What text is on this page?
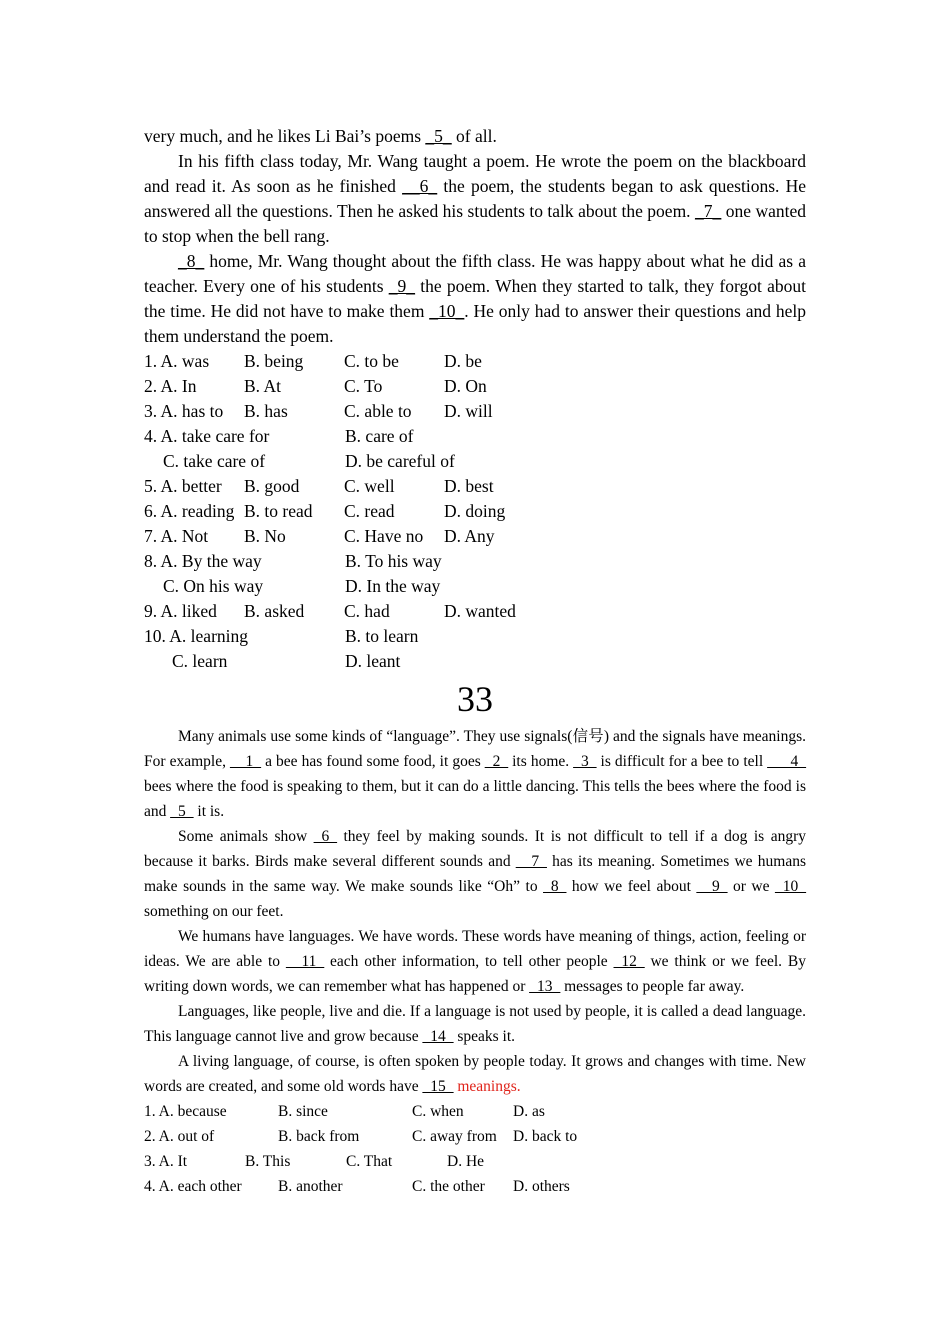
very much, and he likes Li Bai’s poems _5_ of all.

In his fifth class today, Mr. Wang taught a poem. He wrote the poem on the blackboard and read it. As soon as he finished __6_ the poem, the students began to ask questions. He answered all the questions. Then he asked his students to talk about the poem. _7_ one wanted to stop when the bell rang.

_8_ home, Mr. Wang thought about the fifth class. He was happy about what he did as a teacher. Every one of his students _9_ the poem. When they started to talk, they forgot about the time. He did not have to make them _10_. He only had to answer their questions and help them understand the poem.

1. A. was	B. being	C. to be	D. be
2. A. In	B. At	C. To	D. On
3. A. has to	B. has	C. able to	D. will
4. A. take care for	B. care of
C. take care of	D. be careful of
5. A. better	B. good	C. well	D. best
6. A. reading B. to read	C. read	D. doing
7. A. Not	B. No	C. Have no	D. Any
8. A. By the way	B. To his way
C. On his way	D. In the way
9. A. liked	B. asked	C. had	D. wanted
10. A. learning	B. to learn
C. learn	D. leant
33

Many animals use some kinds of “language”. They use signals(信号) and the signals have meanings. For example, __1_ a bee has found some food, it goes _2_ its home. _3_ is difficult for a bee to tell ___4_ bees where the food is speaking to them, but it can do a little dancing. This tells the bees where the food is and _5_ it is.

Some animals show _6_ they feel by making sounds. It is not difficult to tell if a dog is angry because it barks. Birds make several different sounds and __7_ has its meaning. Sometimes we humans make sounds in the same way. We make sounds like “Oh” to _8_ how we feel about __9_ or we _10_ something on our feet.

We humans have languages. We have words. These words have meaning of things, action, feeling or ideas. We are able to __11_ each other information, to tell other people _12_ we think or we feel. By writing down words, we can remember what has happened or _13_ messages to people far away.

Languages, like people, live and die. If a language is not used by people, it is called a dead language. This language cannot live and grow because _14_ speaks it.

A living language, of course, is often spoken by people today. It grows and changes with time. New words are created, and some old words have _15_ meanings.

1. A. because	B. since	C. when	D. as
2. A. out of	B. back from	C. away from	D. back to
3. A. It	B. This	C. That	D. He
4. A. each other	B. another	C. the other	D. others
